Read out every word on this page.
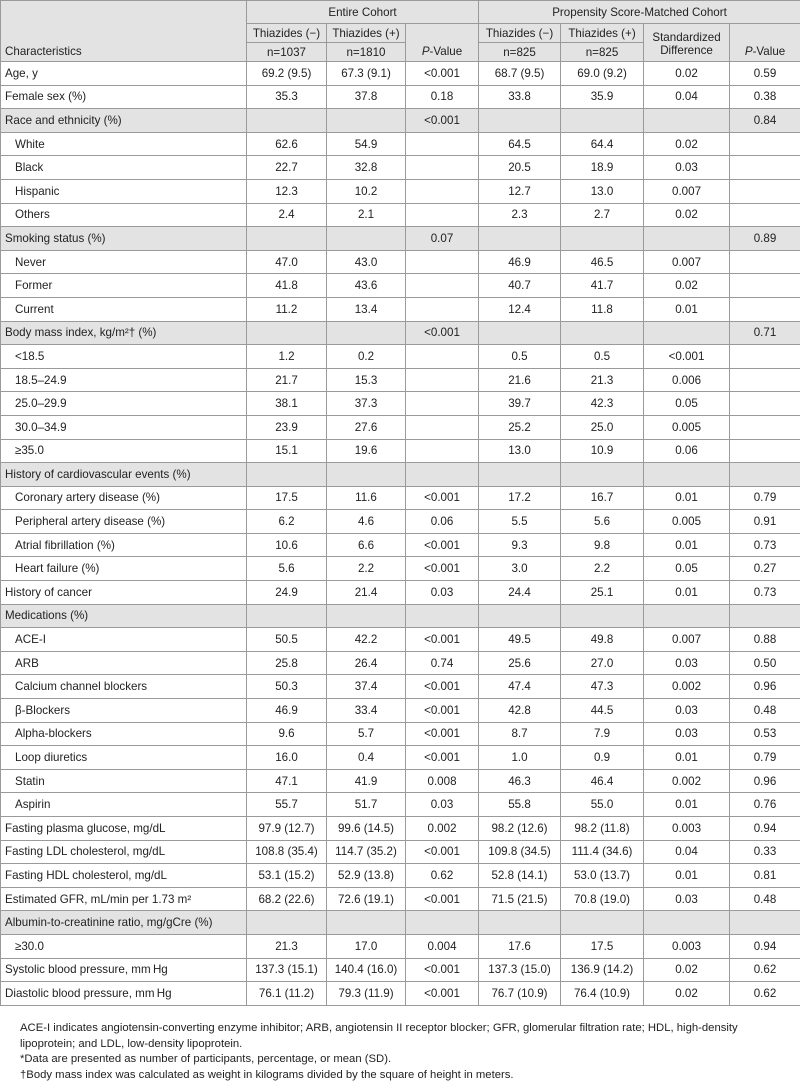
Characteristics	Entire Cohort			Propensity Score-Matched Cohort			
	Thiazides (−)	Thiazides (+)	P-Value	Thiazides (−)	Thiazides (+)	Standardized Difference	P-Value
	n=1037	n=1810		n=825	n=825		
Age, y	69.2 (9.5)	67.3 (9.1)	<0.001	68.7 (9.5)	69.0 (9.2)	0.02	0.59
Female sex (%)	35.3	37.8	0.18	33.8	35.9	0.04	0.38
Race and ethnicity (%)			<0.001				0.84
White	62.6	54.9		64.5	64.4	0.02	
Black	22.7	32.8		20.5	18.9	0.03	
Hispanic	12.3	10.2		12.7	13.0	0.007	
Others	2.4	2.1		2.3	2.7	0.02	
Smoking status (%)			0.07				0.89
Never	47.0	43.0		46.9	46.5	0.007	
Former	41.8	43.6		40.7	41.7	0.02	
Current	11.2	13.4		12.4	11.8	0.01	
Body mass index, kg/m²† (%)			<0.001				0.71
<18.5	1.2	0.2		0.5	0.5	<0.001	
18.5–24.9	21.7	15.3		21.6	21.3	0.006	
25.0–29.9	38.1	37.3		39.7	42.3	0.05	
30.0–34.9	23.9	27.6		25.2	25.0	0.005	
≥35.0	15.1	19.6		13.0	10.9	0.06	
History of cardiovascular events (%)							
Coronary artery disease (%)	17.5	11.6	<0.001	17.2	16.7	0.01	0.79
Peripheral artery disease (%)	6.2	4.6	0.06	5.5	5.6	0.005	0.91
Atrial fibrillation (%)	10.6	6.6	<0.001	9.3	9.8	0.01	0.73
Heart failure (%)	5.6	2.2	<0.001	3.0	2.2	0.05	0.27
History of cancer	24.9	21.4	0.03	24.4	25.1	0.01	0.73
Medications (%)							
ACE-I	50.5	42.2	<0.001	49.5	49.8	0.007	0.88
ARB	25.8	26.4	0.74	25.6	27.0	0.03	0.50
Calcium channel blockers	50.3	37.4	<0.001	47.4	47.3	0.002	0.96
β-Blockers	46.9	33.4	<0.001	42.8	44.5	0.03	0.48
Alpha-blockers	9.6	5.7	<0.001	8.7	7.9	0.03	0.53
Loop diuretics	16.0	0.4	<0.001	1.0	0.9	0.01	0.79
Statin	47.1	41.9	0.008	46.3	46.4	0.002	0.96
Aspirin	55.7	51.7	0.03	55.8	55.0	0.01	0.76
Fasting plasma glucose, mg/dL	97.9 (12.7)	99.6 (14.5)	0.002	98.2 (12.6)	98.2 (11.8)	0.003	0.94
Fasting LDL cholesterol, mg/dL	108.8 (35.4)	114.7 (35.2)	<0.001	109.8 (34.5)	111.4 (34.6)	0.04	0.33
Fasting HDL cholesterol, mg/dL	53.1 (15.2)	52.9 (13.8)	0.62	52.8 (14.1)	53.0 (13.7)	0.01	0.81
Estimated GFR, mL/min per 1.73 m²	68.2 (22.6)	72.6 (19.1)	<0.001	71.5 (21.5)	70.8 (19.0)	0.03	0.48
Albumin-to-creatinine ratio, mg/gCre (%)							
≥30.0	21.3	17.0	0.004	17.6	17.5	0.003	0.94
Systolic blood pressure, mm Hg	137.3 (15.1)	140.4 (16.0)	<0.001	137.3 (15.0)	136.9 (14.2)	0.02	0.62
Diastolic blood pressure, mm Hg	76.1 (11.2)	79.3 (11.9)	<0.001	76.7 (10.9)	76.4 (10.9)	0.02	0.62

ACE-I indicates angiotensin-converting enzyme inhibitor; ARB, angiotensin II receptor blocker; GFR, glomerular filtration rate; HDL, high-density lipoprotein; and LDL, low-density lipoprotein.

*Data are presented as number of participants, percentage, or mean (SD).

†Body mass index was calculated as weight in kilograms divided by the square of height in meters.
